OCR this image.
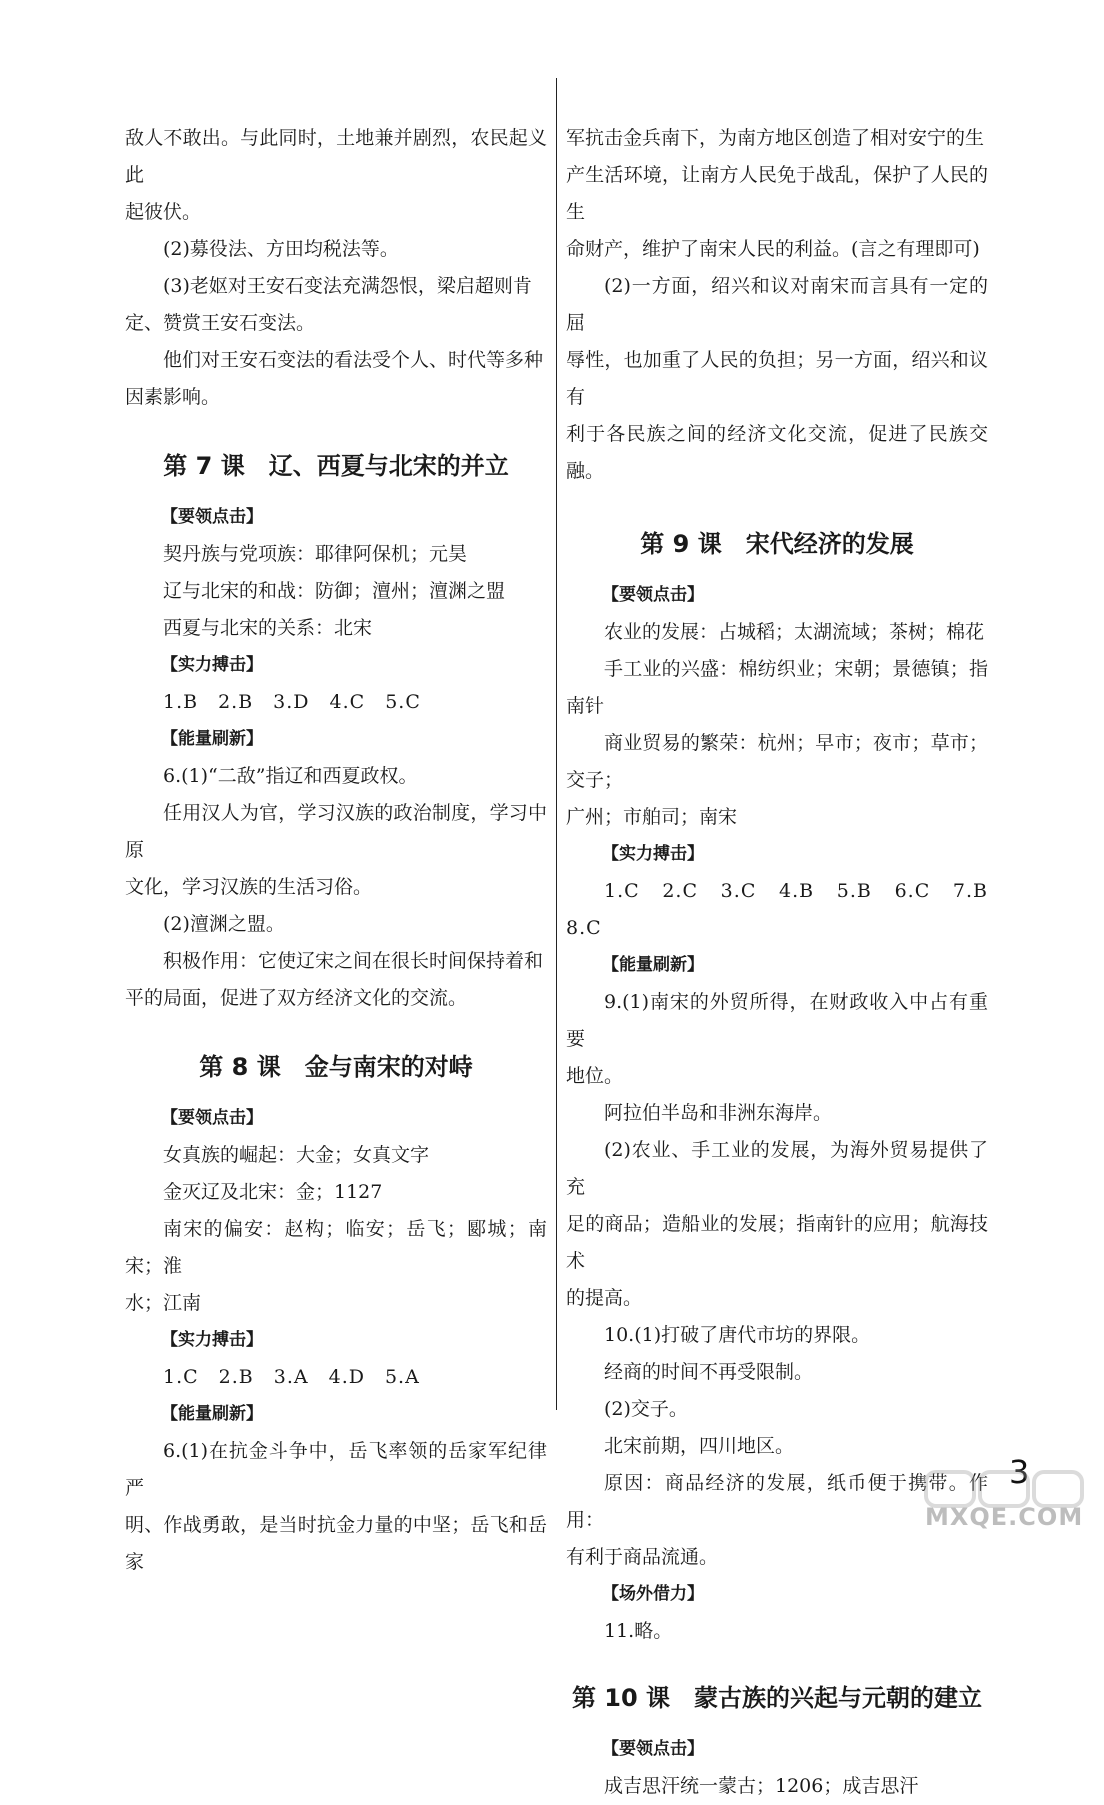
敌人不敢出。与此同时，土地兼并剧烈，农民起义此

起彼伏。

(2)募役法、方田均税法等。

(3)老妪对王安石变法充满怨恨，梁启超则肯

定、赞赏王安石变法。

他们对王安石变法的看法受个人、时代等多种

因素影响。

第 7 课　辽、西夏与北宋的并立

【要领点击】

契丹族与党项族：耶律阿保机；元昊

辽与北宋的和战：防御；澶州；澶渊之盟

西夏与北宋的关系：北宋

【实力搏击】

1.B　2.B　3.D　4.C　5.C

【能量刷新】

6.(1)“二敌”指辽和西夏政权。

任用汉人为官，学习汉族的政治制度，学习中原

文化，学习汉族的生活习俗。

(2)澶渊之盟。

积极作用：它使辽宋之间在很长时间保持着和

平的局面，促进了双方经济文化的交流。

第 8 课　金与南宋的对峙

【要领点击】

女真族的崛起：大金；女真文字

金灭辽及北宋：金；1127

南宋的偏安：赵构；临安；岳飞；郾城；南宋；淮

水；江南

【实力搏击】

1.C　2.B　3.A　4.D　5.A

【能量刷新】

6.(1)在抗金斗争中，岳飞率领的岳家军纪律严

明、作战勇敢，是当时抗金力量的中坚；岳飞和岳家

军抗击金兵南下，为南方地区创造了相对安宁的生

产生活环境，让南方人民免于战乱，保护了人民的生

命财产，维护了南宋人民的利益。(言之有理即可)

(2)一方面，绍兴和议对南宋而言具有一定的屈

辱性，也加重了人民的负担；另一方面，绍兴和议有

利于各民族之间的经济文化交流，促进了民族交融。

第 9 课　宋代经济的发展

【要领点击】

农业的发展：占城稻；太湖流域；茶树；棉花

手工业的兴盛：棉纺织业；宋朝；景德镇；指南针

商业贸易的繁荣：杭州；早市；夜市；草市；交子；

广州；市舶司；南宋

【实力搏击】

1.C　2.C　3.C　4.B　5.B　6.C　7.B　8.C

【能量刷新】

9.(1)南宋的外贸所得，在财政收入中占有重要

地位。

阿拉伯半岛和非洲东海岸。

(2)农业、手工业的发展，为海外贸易提供了充

足的商品；造船业的发展；指南针的应用；航海技术

的提高。

10.(1)打破了唐代市坊的界限。

经商的时间不再受限制。

(2)交子。

北宋前期，四川地区。

原因：商品经济的发展，纸币便于携带。作用：

有利于商品流通。

【场外借力】

11.略。

第 10 课　蒙古族的兴起与元朝的建立

【要领点击】

成吉思汗统一蒙古；1206；成吉思汗

3
MXQE.COM
